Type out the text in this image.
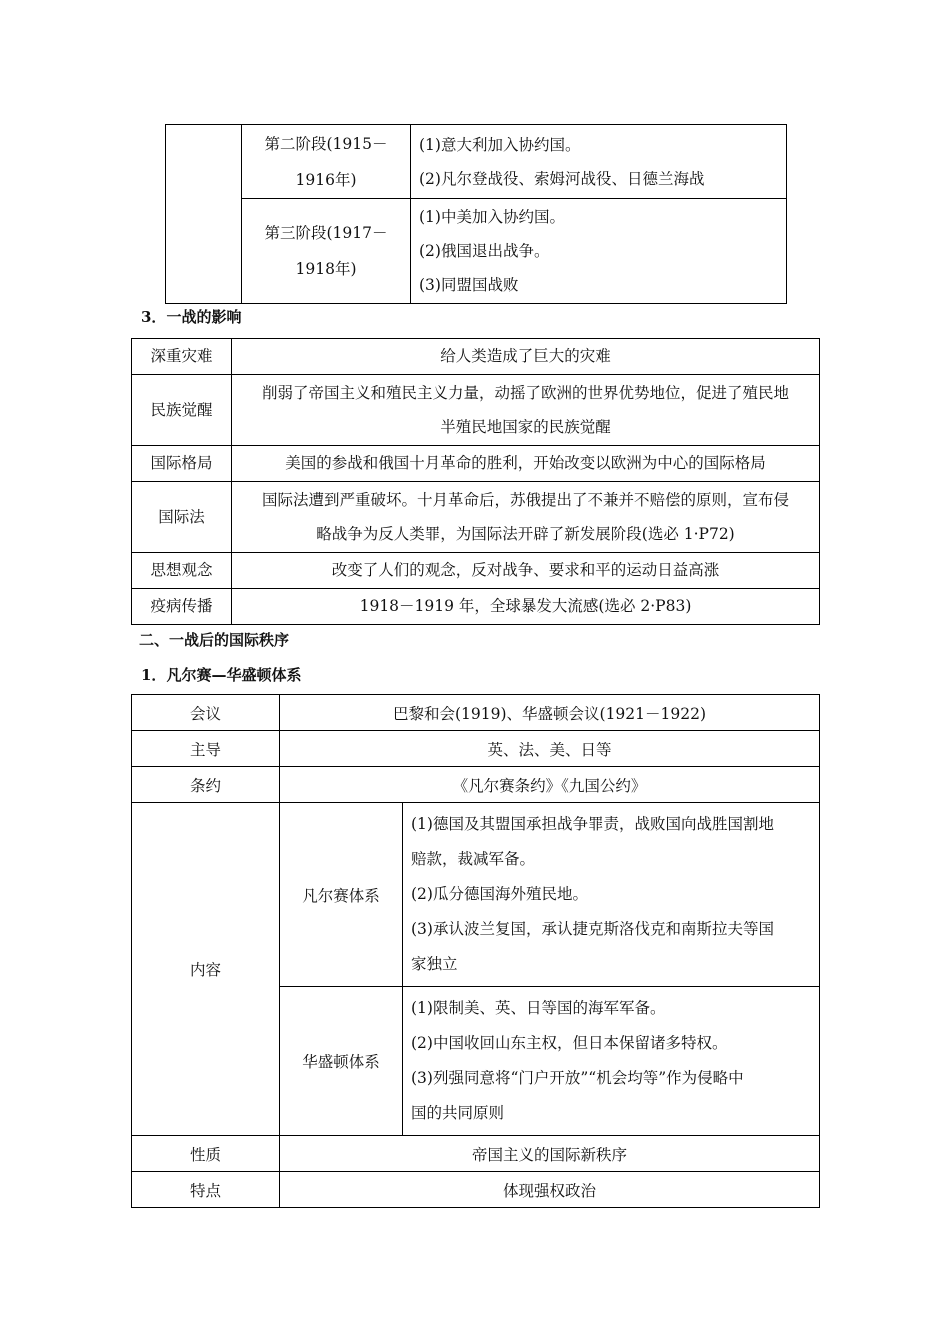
	第二阶段(1915－
1916年)	(1)意大利加入协约国。
(2)凡尔登战役、索姆河战役、日德兰海战

	第三阶段(1917－
1918年)	(1)中美加入协约国。
(2)俄国退出战争。
(3)同盟国战败
3．一战的影响
深重灾难	给人类造成了巨大的灾难
民族觉醒	削弱了帝国主义和殖民主义力量，动摇了欧洲的世界优势地位，促进了殖民地
半殖民地国家的民族觉醒

国际格局	美国的参战和俄国十月革命的胜利，开始改变以欧洲为中心的国际格局
国际法	国际法遭到严重破坏。十月革命后，苏俄提出了不兼并不赔偿的原则，宣布侵
略战争为反人类罪，为国际法开辟了新发展阶段(选必 1·P72)

思想观念	改变了人们的观念，反对战争、要求和平的运动日益高涨
疫病传播	1918－1919 年，全球暴发大流感(选必 2·P83)
二、一战后的国际秩序
1．凡尔赛—华盛顿体系
会议	巴黎和会(1919)、华盛顿会议(1921－1922)	
主导	英、法、美、日等	
条约	《凡尔赛条约》《九国公约》	
内容	凡尔赛体系	(1)德国及其盟国承担战争罪责，战败国向战胜国割地
赔款，裁减军备。
(2)瓜分德国海外殖民地。
(3)承认波兰复国，承认捷克斯洛伐克和南斯拉夫等国
家独立

	华盛顿体系	(1)限制美、英、日等国的海军军备。
(2)中国收回山东主权，但日本保留诸多特权。
(3)列强同意将“门户开放”“机会均等”作为侵略中
国的共同原则

性质	帝国主义的国际新秩序	
特点	体现强权政治	
